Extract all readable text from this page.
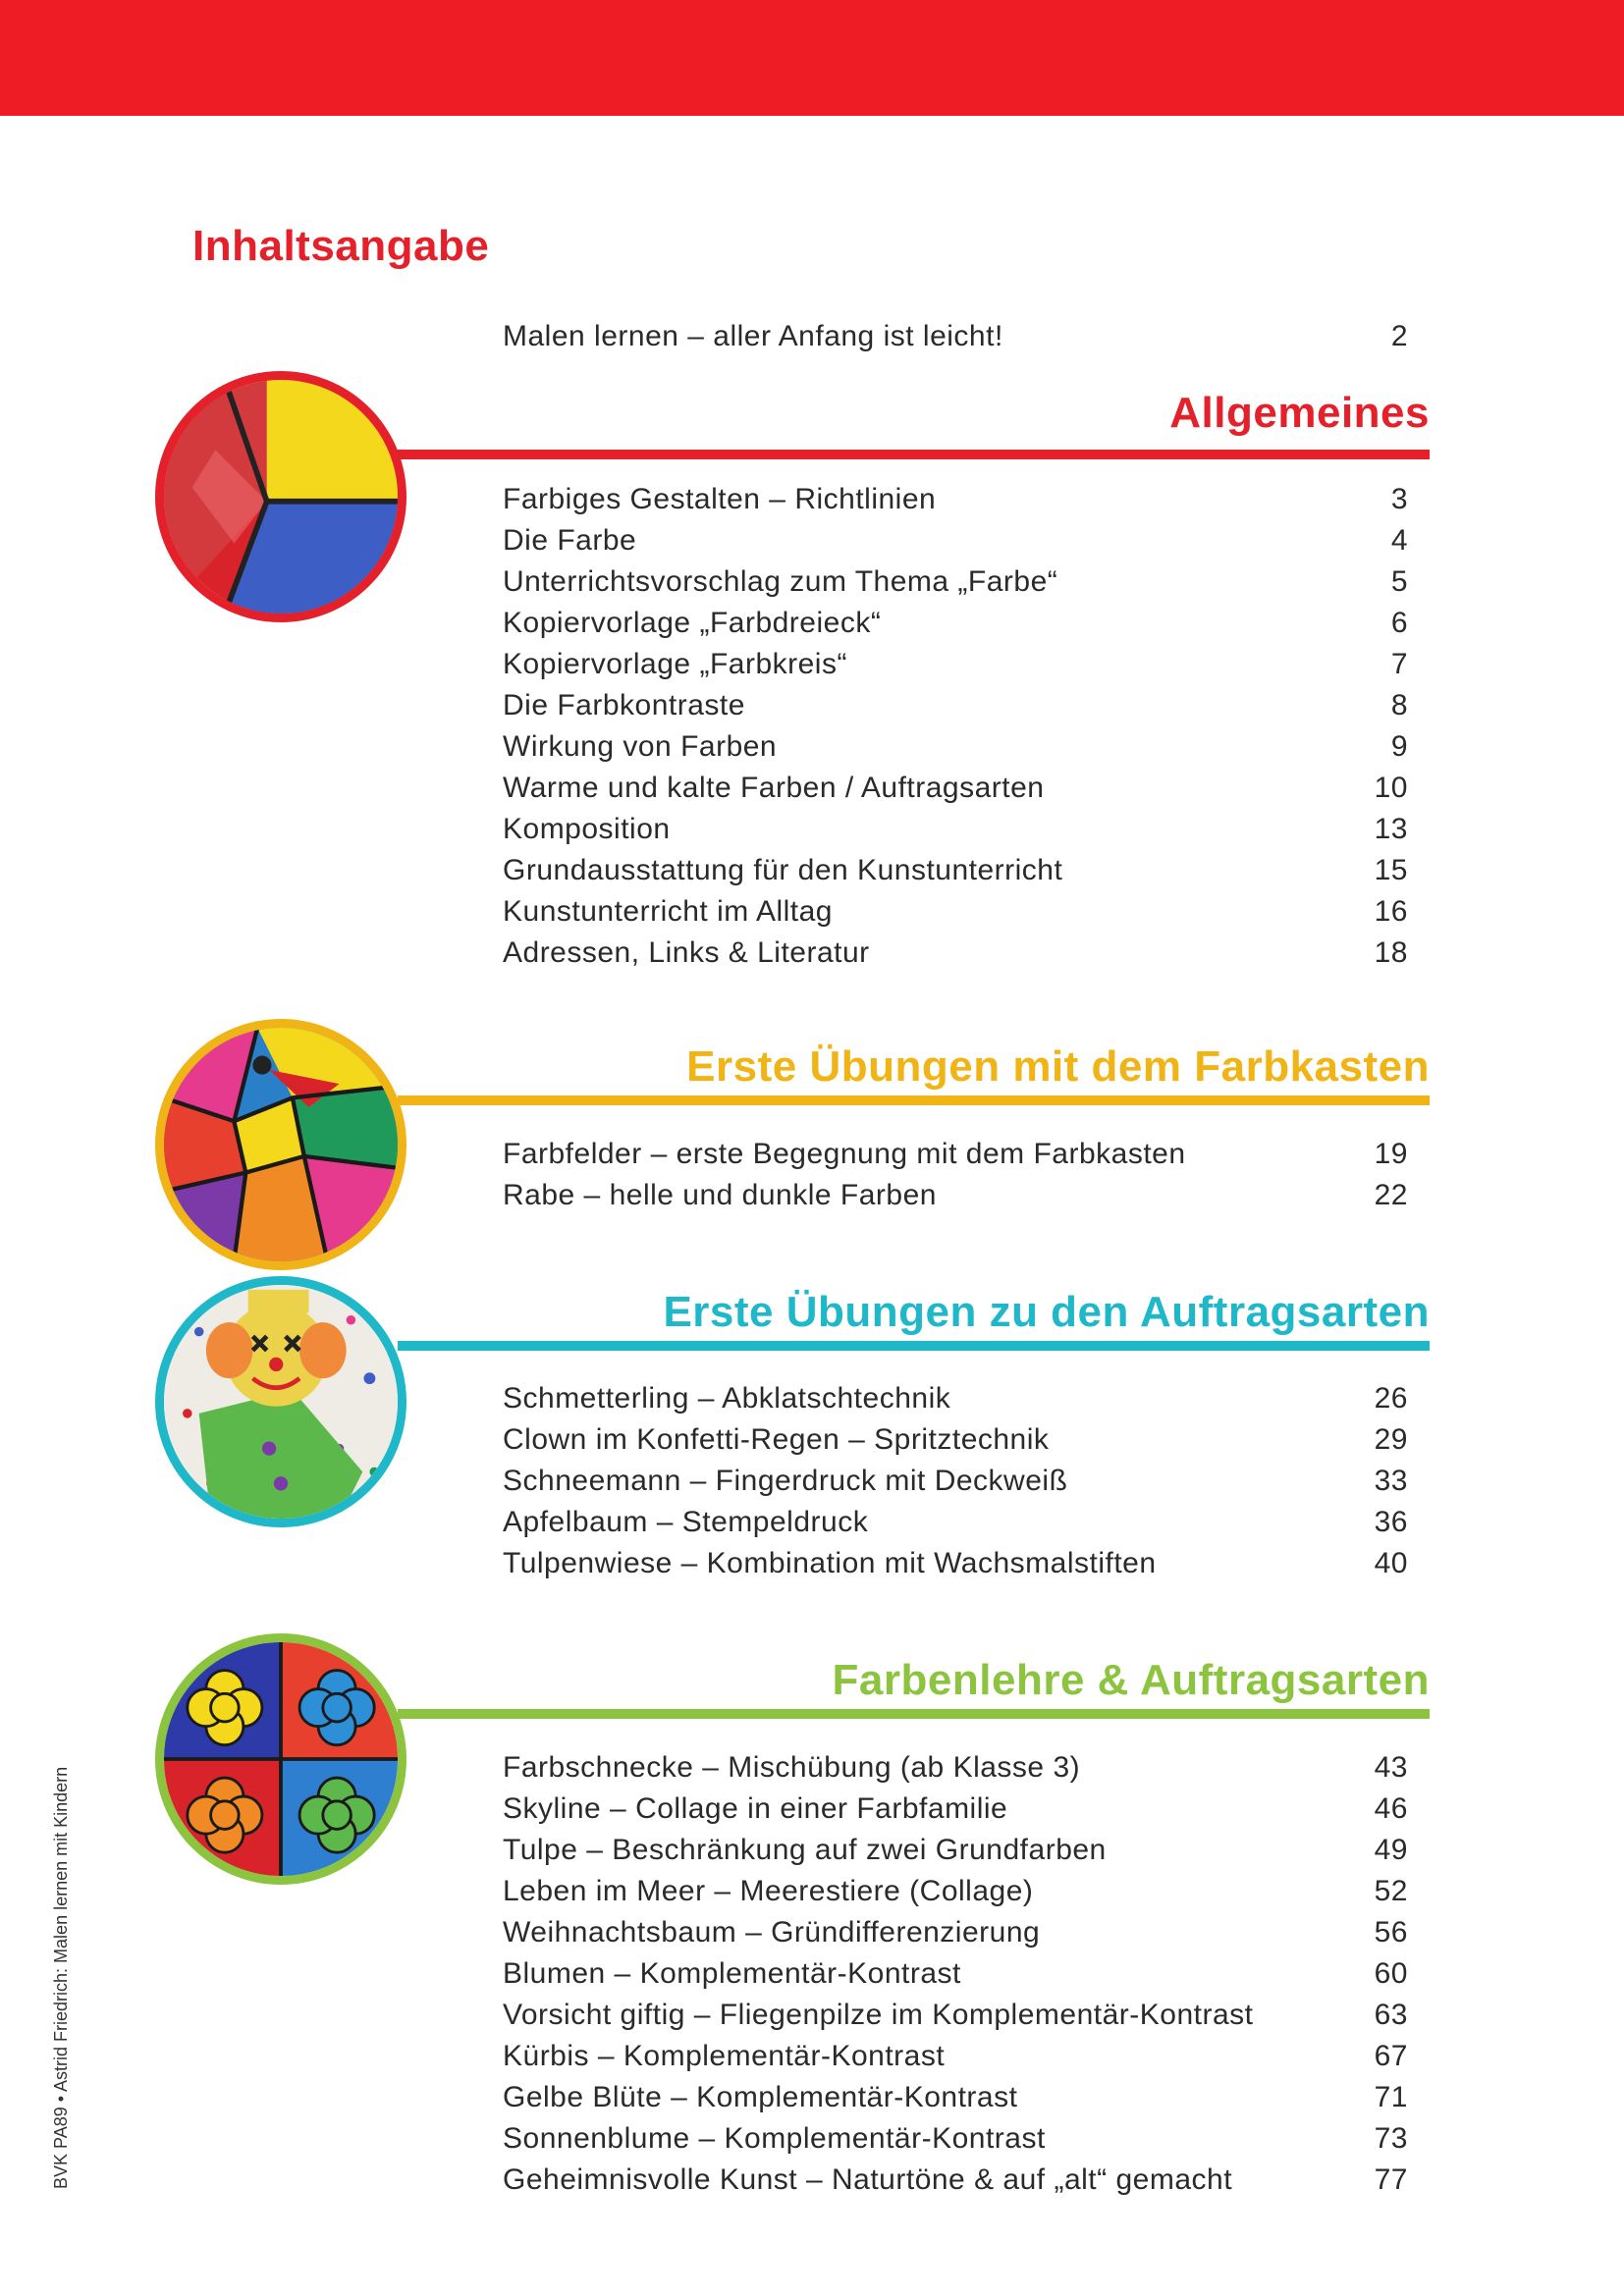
Inhaltsangabe
Malen lernen – aller Anfang ist leicht!	2
Allgemeines
Farbiges Gestalten – Richtlinien	3
Die Farbe	4
Unterrichtsvorschlag zum Thema „Farbe“	5
Kopiervorlage „Farbdreieck“	6
Kopiervorlage „Farbkreis“	7
Die Farbkontraste	8
Wirkung von Farben	9
Warme und kalte Farben / Auftragsarten	10
Komposition	13
Grundausstattung für den Kunstunterricht	15
Kunstunterricht im Alltag	16
Adressen, Links & Literatur	18
Erste Übungen mit dem Farbkasten
Farbfelder – erste Begegnung mit dem Farbkasten	19
Rabe – helle und dunkle Farben	22
Erste Übungen zu den Auftragsarten
Schmetterling – Abklatschtechnik	26
Clown im Konfetti-Regen – Spritztechnik	29
Schneemann – Fingerdruck mit Deckweiß	33
Apfelbaum – Stempeldruck	36
Tulpenwiese – Kombination mit Wachsmalstiften	40
Farbenlehre & Auftragsarten
Farbschnecke – Mischübung (ab Klasse 3)	43
Skyline – Collage in einer Farbfamilie	46
Tulpe – Beschränkung auf zwei Grundfarben	49
Leben im Meer – Meerestiere (Collage)	52
Weihnachtsbaum – Gründifferenzierung	56
Blumen – Komplementär-Kontrast	60
Vorsicht giftig – Fliegenpilze im Komplementär-Kontrast	63
Kürbis – Komplementär-Kontrast	67
Gelbe Blüte – Komplementär-Kontrast	71
Sonnenblume – Komplementär-Kontrast	73
Geheimnisvolle Kunst – Naturtöne & auf „alt“ gemacht	77
BVK PA89 • Astrid Friedrich: Malen lernen mit Kindern
